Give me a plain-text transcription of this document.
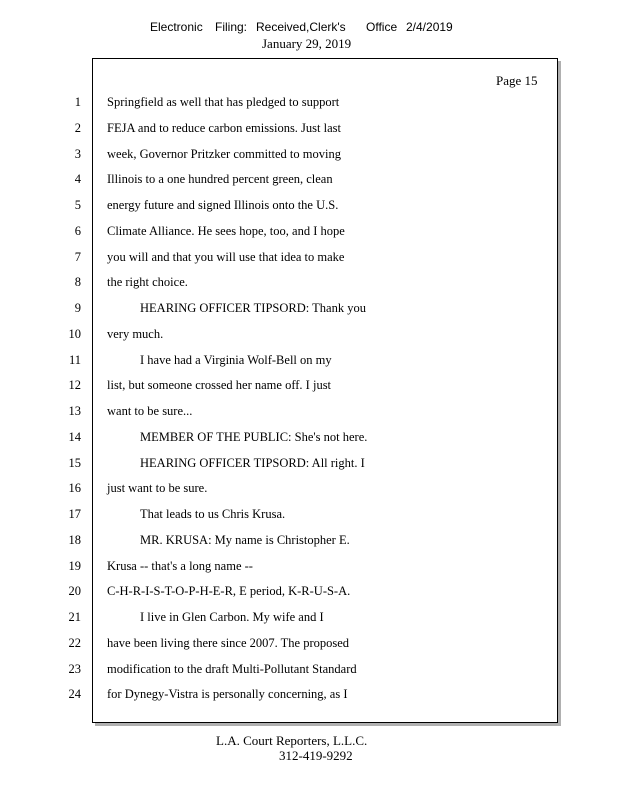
Electronic Filing: Received,Clerk's Office 2/4/2019
January 29, 2019
Page 15
1 Springfield as well that has pledged to support
2 FEJA and to reduce carbon emissions. Just last
3 week, Governor Pritzker committed to moving
4 Illinois to a one hundred percent green, clean
5 energy future and signed Illinois onto the U.S.
6 Climate Alliance. He sees hope, too, and I hope
7 you will and that you will use that idea to make
8 the right choice.
9	HEARING OFFICER TIPSORD: Thank you
10 very much.
11	I have had a Virginia Wolf-Bell on my
12 list, but someone crossed her name off. I just
13 want to be sure...
14	MEMBER OF THE PUBLIC: She's not here.
15	HEARING OFFICER TIPSORD: All right. I
16 just want to be sure.
17	That leads to us Chris Krusa.
18	MR. KRUSA: My name is Christopher E.
19 Krusa -- that's a long name --
20 C-H-R-I-S-T-O-P-H-E-R, E period, K-R-U-S-A.
21	I live in Glen Carbon. My wife and I
22 have been living there since 2007. The proposed
23 modification to the draft Multi-Pollutant Standard
24 for Dynegy-Vistra is personally concerning, as I
L.A. Court Reporters, L.L.C.
312-419-9292
